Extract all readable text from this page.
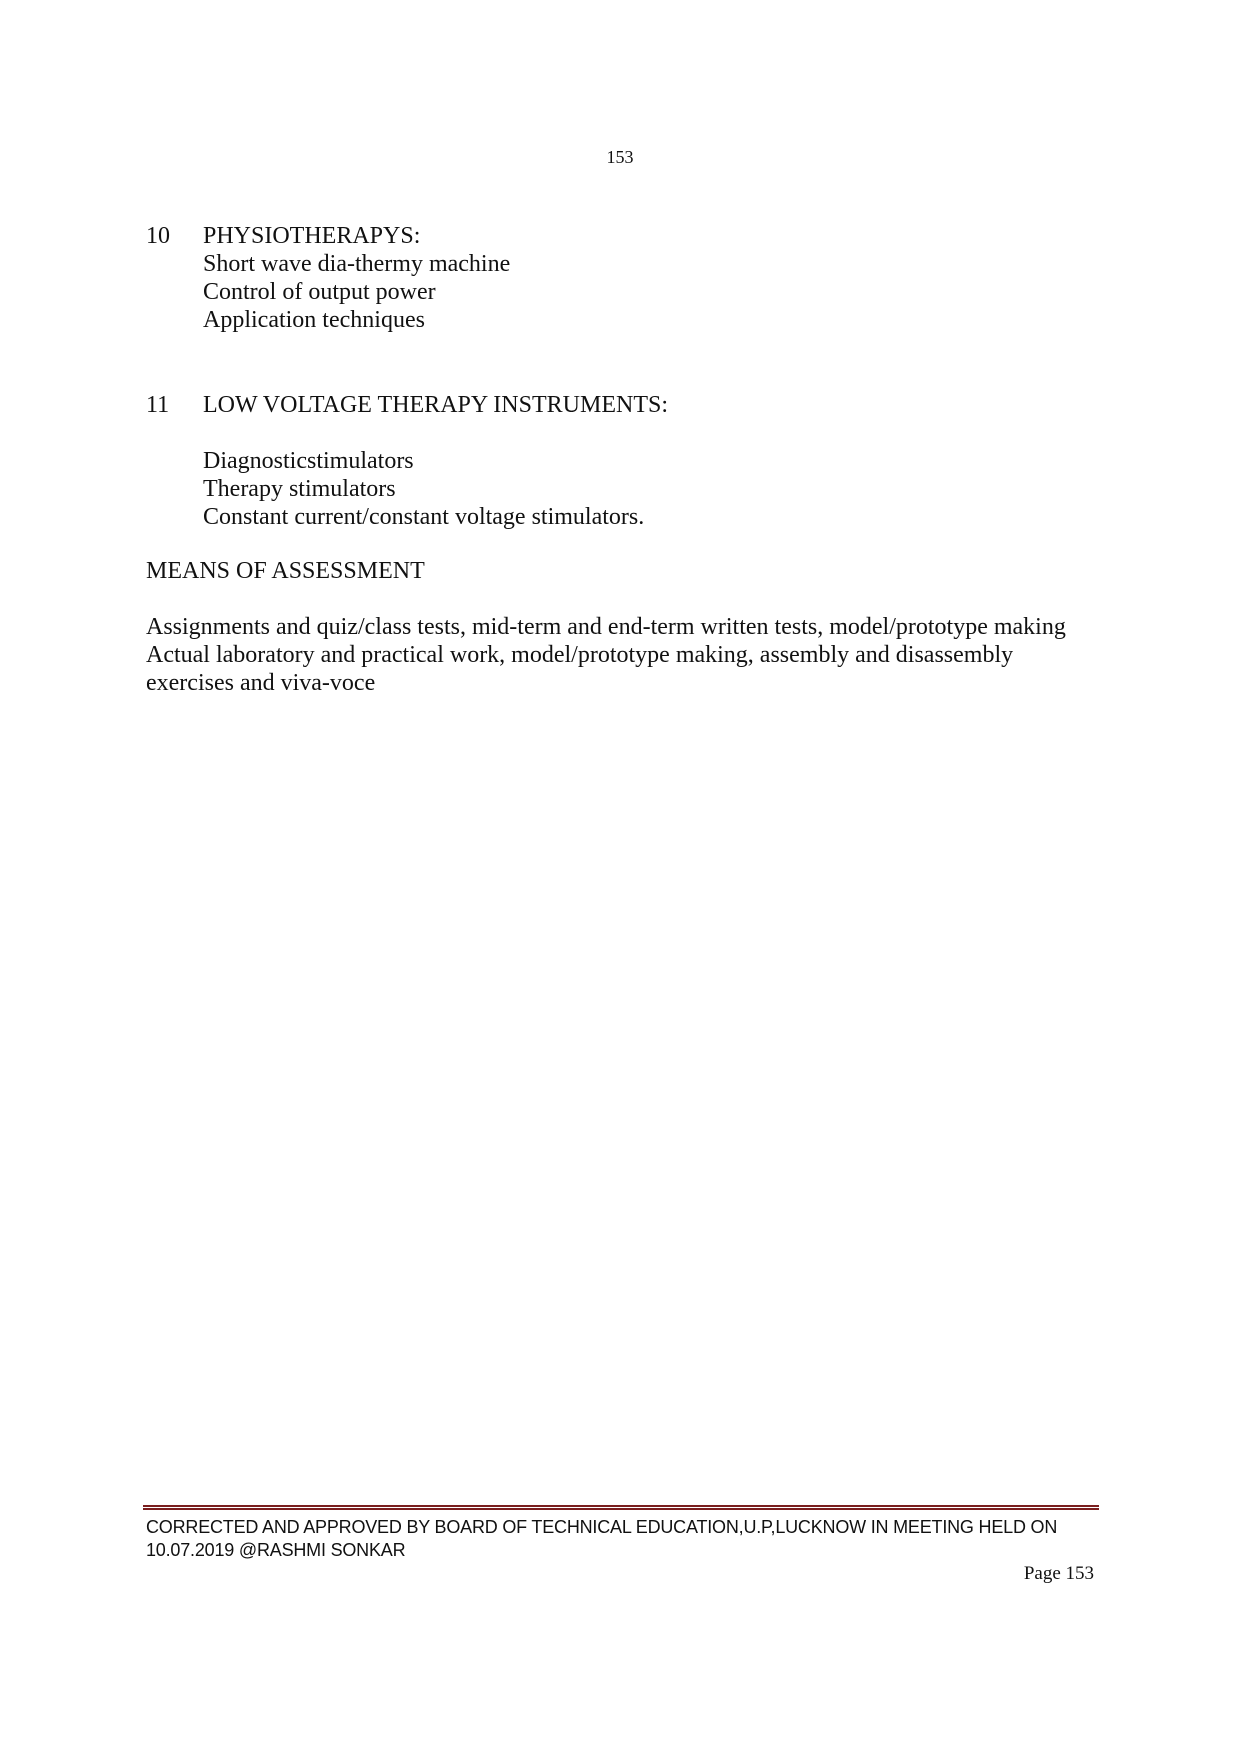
153
10	PHYSIOTHERAPYS:
Short wave dia-thermy machine
Control of output power
Application techniques
11	LOW VOLTAGE THERAPY INSTRUMENTS:
Diagnosticstimulators
Therapy stimulators
Constant current/constant voltage stimulators.
MEANS OF ASSESSMENT
Assignments and quiz/class tests, mid-term and end-term written tests, model/prototype making
Actual laboratory and practical work, model/prototype making, assembly and disassembly
exercises and viva-voce
CORRECTED AND APPROVED BY BOARD OF TECHNICAL EDUCATION,U.P,LUCKNOW IN MEETING HELD ON
10.07.2019 @RASHMI SONKAR
Page 153
